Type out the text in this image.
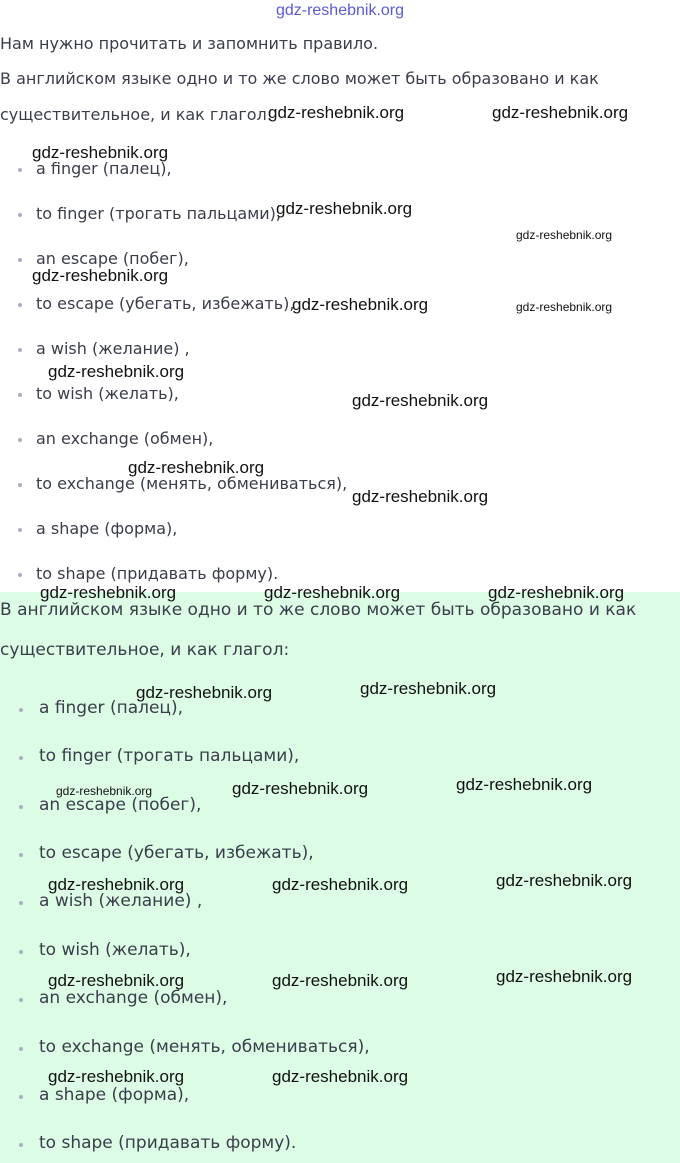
Нам нужно прочитать и запомнить правило.

В английском языке одно и то же слово может быть образовано и как

существительное, и как глагол:

a finger (палец),
to finger (трогать пальцами),
an escape (побег),
to escape (убегать, избежать),
a wish (желание) ,
to wish (желать),
an exchange (обмен),
to exchange (менять, обмениваться),
a shape (форма),
to shape (придавать форму).

В английском языке одно и то же слово может быть образовано и как

существительное, и как глагол:

a finger (палец),
to finger (трогать пальцами),
an escape (побег),
to escape (убегать, избежать),
a wish (желание) ,
to wish (желать),
an exchange (обмен),
to exchange (менять, обмениваться),
a shape (форма),
to shape (придавать форму).
gdz-reshebnik.org
gdz-reshebnik.org	gdz-reshebnik.org
gdz-reshebnik.org
gdz-reshebnik.org
gdz-reshebnik.org
gdz-reshebnik.org
gdz-reshebnik.org	gdz-reshebnik.org
gdz-reshebnik.org
gdz-reshebnik.org
gdz-reshebnik.org
gdz-reshebnik.org
gdz-reshebnik.org	gdz-reshebnik.org	gdz-reshebnik.org
gdz-reshebnik.org	gdz-reshebnik.org
gdz-reshebnik.org	gdz-reshebnik.org	gdz-reshebnik.org
gdz-reshebnik.org	gdz-reshebnik.org	gdz-reshebnik.org
gdz-reshebnik.org	gdz-reshebnik.org	gdz-reshebnik.org
gdz-reshebnik.org	gdz-reshebnik.org
